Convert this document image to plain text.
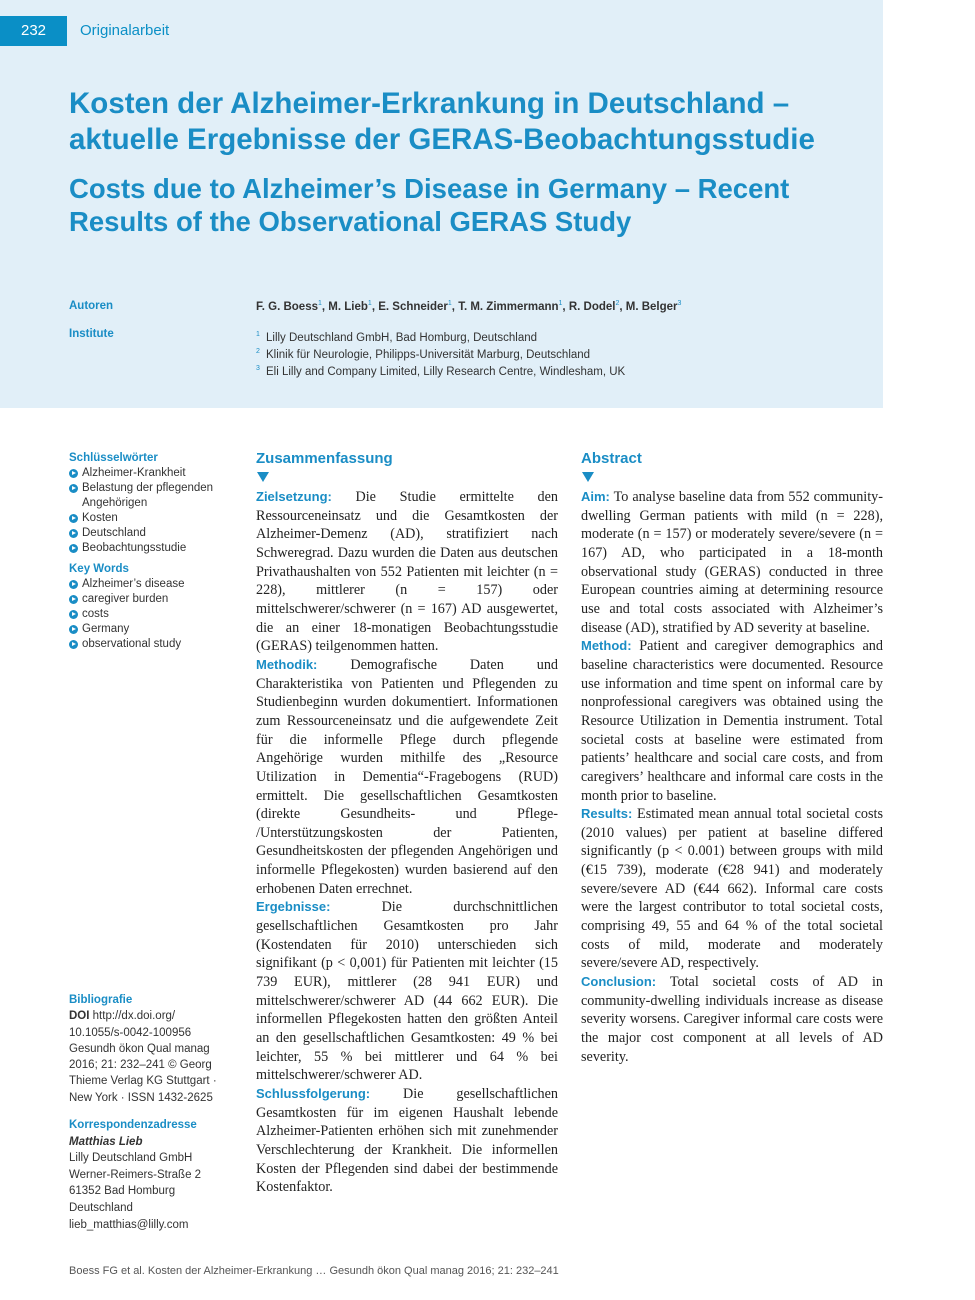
232	Originalarbeit
Kosten der Alzheimer-Erkrankung in Deutschland – aktuelle Ergebnisse der GERAS-Beobachtungsstudie
Costs due to Alzheimer’s Disease in Germany – Recent Results of the Observational GERAS Study
Autoren	F. G. Boess$^1$, M. Lieb$^1$, E. Schneider$^1$, T. M. Zimmermann$^1$, R. Dodel$^2$, M. Belger$^3$
Institute	$^1$ Lilly Deutschland GmbH, Bad Homburg, Deutschland
$^2$ Klinik für Neurologie, Philipps-Universität Marburg, Deutschland
$^3$ Eli Lilly and Company Limited, Lilly Research Centre, Windlesham, UK
Schlüsselwörter
Alzheimer-Krankheit
Belastung der pflegenden Angehörigen
Kosten
Deutschland
Beobachtungsstudie
Key Words
Alzheimer’s disease
caregiver burden
costs
Germany
observational study
Bibliografie
DOI http://dx.doi.org/ 10.1055/s-0042-100956 Gesundh ökon Qual manag 2016; 21: 232–241 © Georg Thieme Verlag KG Stuttgart · New York · ISSN 1432-2625
Korrespondenzadresse
Matthias Lieb
Lilly Deutschland GmbH
Werner-Reimers-Straße 2
61352 Bad Homburg
Deutschland
lieb_matthias@lilly.com
Zusammenfassung

Zielsetzung: Die Studie ermittelte den Ressourceneinsatz und die Gesamtkosten der Alzheimer-Demenz (AD), stratifiziert nach Schweregrad. Dazu wurden die Daten aus deutschen Privathaushalten von 552 Patienten mit leichter (n = 228), mittlerer (n = 157) oder mittelschwerer/schwerer (n = 167) AD ausgewertet, die an einer 18-monatigen Beobachtungsstudie (GERAS) teilgenommen hatten.

Methodik: Demografische Daten und Charakteristika von Patienten und Pflegenden zu Studienbeginn wurden dokumentiert. Informationen zum Ressourceneinsatz und die aufgewendete Zeit für die informelle Pflege durch pflegende Angehörige wurden mithilfe des „Resource Utilization in Dementia“-Fragebogens (RUD) ermittelt. Die gesellschaftlichen Gesamtkosten (direkte Gesundheits- und Pflege- /Unterstützungskosten der Patienten, Gesundheitskosten der pflegenden Angehörigen und informelle Pflegekosten) wurden basierend auf den erhobenen Daten errechnet.

Ergebnisse:	Die durchschnittlichen gesellschaftlichen Gesamtkosten pro Jahr (Kostendaten für 2010) unterschieden sich signifikant (p < 0,001) für Patienten mit leichter (15 739 EUR), mittlerer (28 941 EUR) und mittelschwerer/schwerer AD (44 662 EUR). Die informellen Pflegekosten hatten den größten Anteil an den gesellschaftlichen Gesamtkosten: 49 % bei leichter, 55 % bei mittlerer und 64 % bei mittelschwerer/schwerer AD.

Schlussfolgerung: Die gesellschaftlichen Gesamtkosten für im eigenen Haushalt lebende Alzheimer-Patienten erhöhen sich mit zunehmender Verschlechterung der Krankheit. Die informellen Kosten der Pflegenden sind dabei der bestimmende Kostenfaktor.

Abstract

Aim: To analyse baseline data from 552 community-dwelling German patients with mild (n = 228), moderate (n = 157) or moderately severe/severe (n = 167) AD, who participated in a 18-month observational study (GERAS) conducted in three European countries aiming at determining resource use and total costs associated with Alzheimer’s disease (AD), stratified by AD severity at baseline.

Method: Patient and caregiver demographics and baseline characteristics were documented. Resource use information and time spent on informal care by nonprofessional caregivers was obtained using the Resource Utilization in Dementia instrument. Total societal costs at baseline were estimated from patients’ healthcare and social care costs, and from caregivers’ healthcare and informal care costs in the month prior to baseline.

Results: Estimated mean annual total societal costs (2010 values) per patient at baseline differed significantly (p < 0.001) between groups with mild (€15 739), moderate (€28 941) and moderately severe/severe AD (€44 662). Informal care costs were the largest contributor to total societal costs, comprising 49, 55 and 64 % of the total societal costs of mild, moderate and moderately severe/severe AD, respectively.

Conclusion: Total societal costs of AD in community-dwelling individuals increase as disease severity worsens. Caregiver informal care costs were the major cost component at all levels of AD severity.

Boess FG et al. Kosten der Alzheimer-Erkrankung … Gesundh ökon Qual manag 2016; 21: 232–241
